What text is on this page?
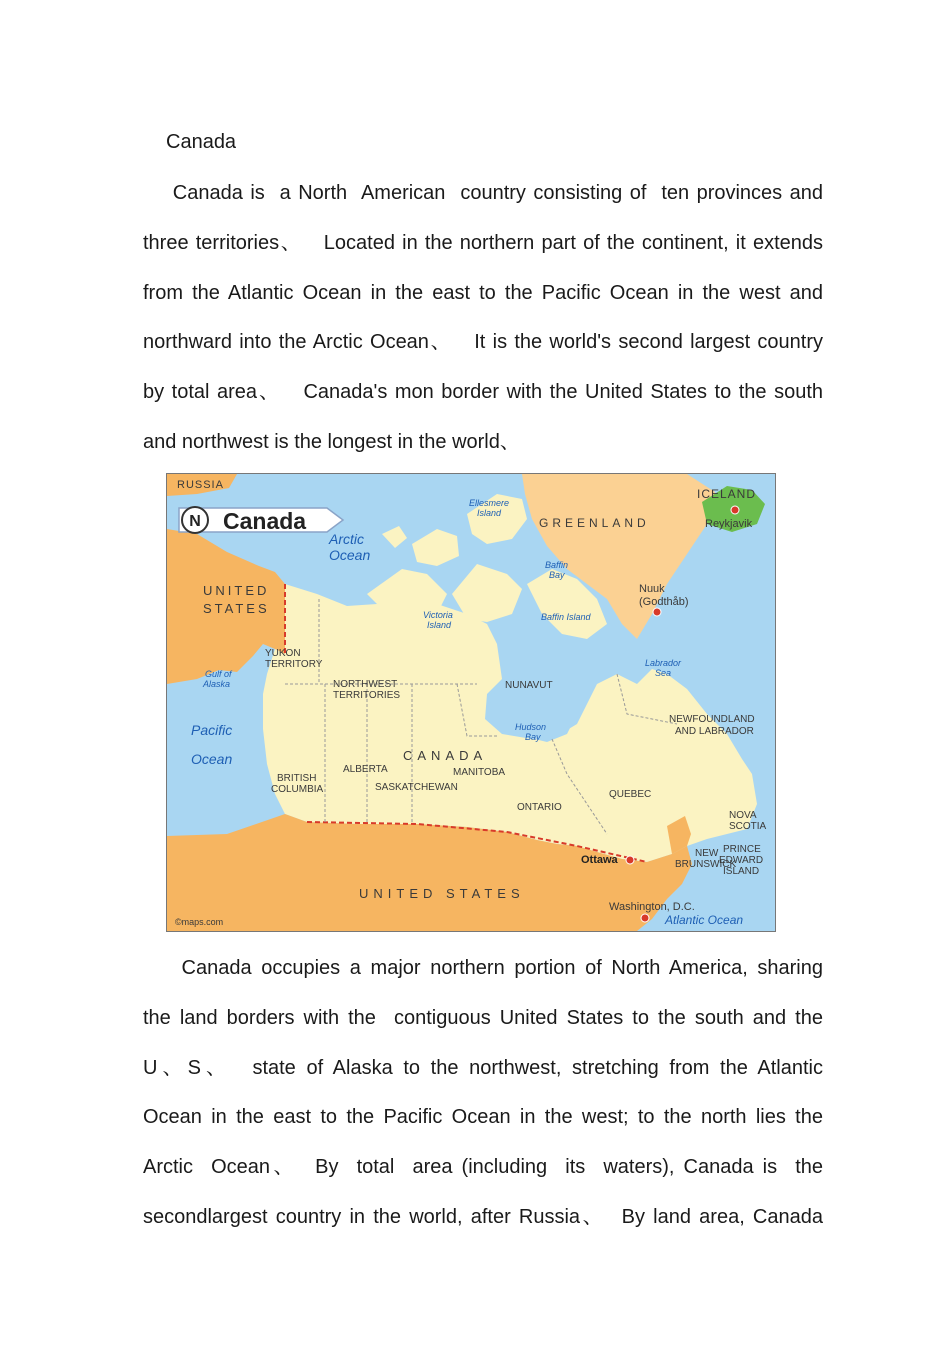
Canada
Canada is  a North  American  country consisting of  ten provinces and
three territories、   Located in the northern part of the continent, it extends
from the Atlantic Ocean in the east to the Pacific Ocean in the west and
northward into the Arctic Ocean、   It is the world's second largest country
by total area、   Canada's mon border with the United States to the south
and northwest is the longest in the world、
N Canada
RUSSIA
UNITED
STATES
GREENLAND
ICELAND
Reykjavik
Nuuk
(Godthåb)
YUKON
TERRITORY
NORTHWEST
TERRITORIES
NUNAVUT
NEWFOUNDLAND
AND LABRADOR
CANADA
BRITISH
COLUMBIA
ALBERTA	MANITOBA
SASKATCHEWAN
QUEBEC
ONTARIO
NOVA
SCOTIA
NEW
BRUNSWICK
PRINCE
EDWARD
ISLAND
Ottawa
UNITED STATES
Washington, D.C.
©maps.com
Arctic
Ocean
Ellesmere
Island
Baffin
Bay
Baffin Island
Victoria
Island
Gulf of
Alaska
Labrador
Sea
Pacific
Ocean
Hudson
Bay
Atlantic Ocean
Canada occupies a major northern portion of North America, sharing
the land borders with the  contiguous United States to the south and the
U、S、  state of Alaska to the northwest, stretching from the Atlantic
Ocean in the east to the Pacific Ocean in the west; to the north lies the
Arctic  Ocean、  By  total  area (including  its  waters), Canada is  the
secondlargest country in the world, after Russia、  By land area, Canada
